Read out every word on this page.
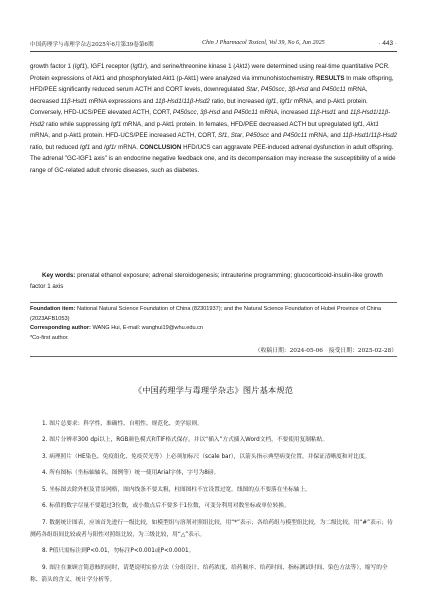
中国药理学与毒理学杂志2025年6月第39卷第6期	Chin J Pharmacol Toxicol, Vol 39, No 6, Jun 2025	· 443 ·

growth factor 1 (Igf1), IGF1 receptor (Igf1r), and serine/threonine kinase 1 (Akt1) were determined using real-time quantitative PCR. Protein expressions of Akt1 and phosphorylated Akt1 (p-Akt1) were analyzed via immunohistochemistry. RESULTS In male offspring, HFD/PEE significantly reduced serum ACTH and CORT levels, downregulated Star, P450scc, 3β-Hsd and P450c11 mRNA, decreased 11β-Hsd1 mRNA expressions and 11β-Hsd1/11β-Hsd2 ratio, but increased Igf1, Igf1r mRNA, and p-Akt1 protein. Conversely, HFD-UCS/PEE elevated ACTH, CORT, P450scc, 3β-Hsd and P450c11 mRNA, increased 11β-Hsd1 and 11β-Hsd1/11β-Hsd2 ratio while suppressing Igf1 mRNA, and p-Akt1 protein. In females, HFD/PEE decreased ACTH but upregulated Igf1, Akt1 mRNA, and p-Akt1 protein. HFD-UCS/PEE increased ACTH, CORT, Sf1, Star, P450scc and P450c11 mRNA, and 11β-Hsd1/11β-Hsd2 ratio, but reduced Igf1 and Igf1r mRNA. CONCLUSION HFD/UCS can aggravate PEE-induced adrenal dysfunction in adult offspring. The adrenal "GC-IGF1 axis" is an endocrine negative feedback one, and its decompensation may increase the susceptibility of a wide range of GC-related adult chronic diseases, such as diabetes.

Key words: prenatal ethanol exposure; adrenal steroidogenesis; intrauterine programming; glucocorticoid-insulin-like growth factor 1 axis

Foundation item: National Natural Science Foundation of China (82301937); and the Natural Science Foundation of Hubei Province of China (2023AFB1053)

Corresponding author: WANG Hui, E-mail: wanghui19@whu.edu.cn

*Co-first author.

（收稿日期：2024-05-06　接受日期：2025-02-28）
《中国药理学与毒理学杂志》图片基本规范
1. 图片总要求：科学性、准确性、自明性、规范化、美学原则。
2. 图片分辨率300 dpi以上，RGB颜色模式和TIF格式保存，并以“插入”方式插入Word文档，不要使用复制粘贴。
3. 病理照片（HE染色、免疫组化、免疫荧光等）上必须加标尺（scale bar），以箭头指示典型病变位置，并保证清晰度和对比度。
4. 所有图标（坐标轴轴名、图例等）统一使用Arial字体，字号为8磅。
5. 坐标图去除外框及背景网格，图内线条不要太粗，柱图图柱不宜设置过宽。线图的点不要落在坐标轴上。
6. 标值的数字尽量不要超过3位数，或小数点后不要多于1位数，可变分利用对数坐标或单位转换。
7. 数据统计图表，应该首先进行一级比较，如模型组与溶剂对照组比较，用“*”表示；各给药组与模型组比较，为二级比较，用“#”表示；待测药各组组间比较或者与阳性对照组比较，为三级比较，用“△”表示。
8. P值只需标注到P<0.01，勿标注P<0.001或P<0.0001。
9. 图注在兼顾言简意赅的同时，请楚说明实验方法（分组设计、给药浓度、给药顺序、给药时间、指标测试时间、染色方法等），缩写的全称、箭头的含义、统计学分析等。
